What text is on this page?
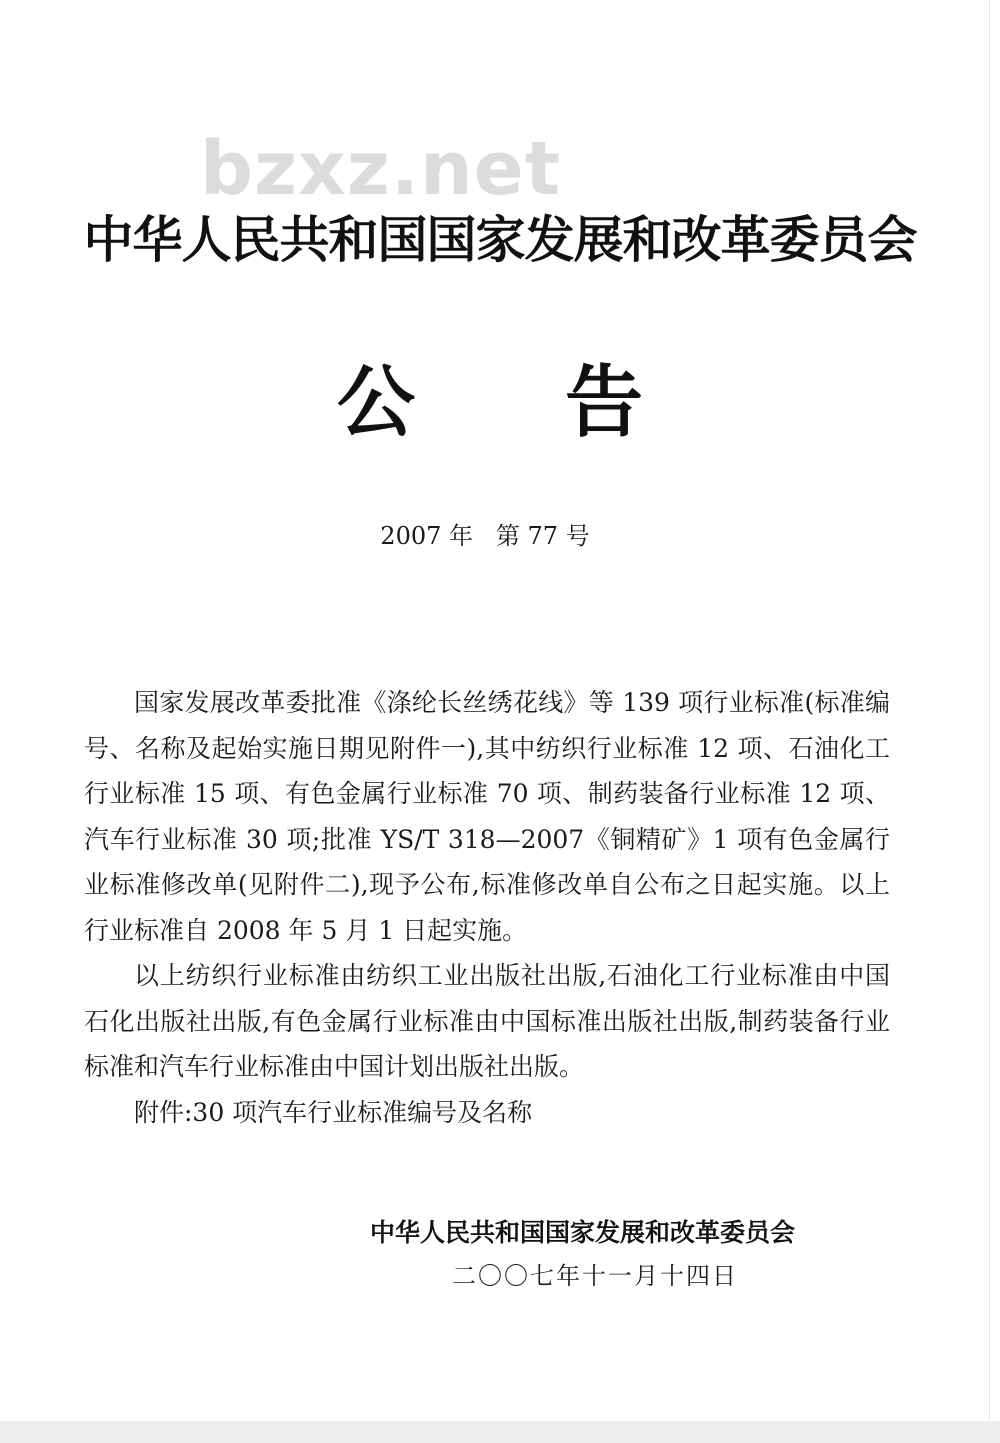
bzxz.net
中华人民共和国国家发展和改革委员会
公告
2007 年 第 77 号

国家发展改革委批准《涤纶长丝绣花线》等 139 项行业标准(标准编号、名称及起始实施日期见附件一),其中纺织行业标准 12 项、石油化工行业标准 15 项、有色金属行业标准 70 项、制药装备行业标准 12 项、汽车行业标准 30 项;批准 YS/T 318—2007《铜精矿》1 项有色金属行业标准修改单(见附件二),现予公布,标准修改单自公布之日起实施。以上行业标准自 2008 年 5 月 1 日起实施。

以上纺织行业标准由纺织工业出版社出版,石油化工行业标准由中国石化出版社出版,有色金属行业标准由中国标准出版社出版,制药装备行业标准和汽车行业标准由中国计划出版社出版。

附件:30 项汽车行业标准编号及名称

中华人民共和国国家发展和改革委员会
二〇〇七年十一月十四日
